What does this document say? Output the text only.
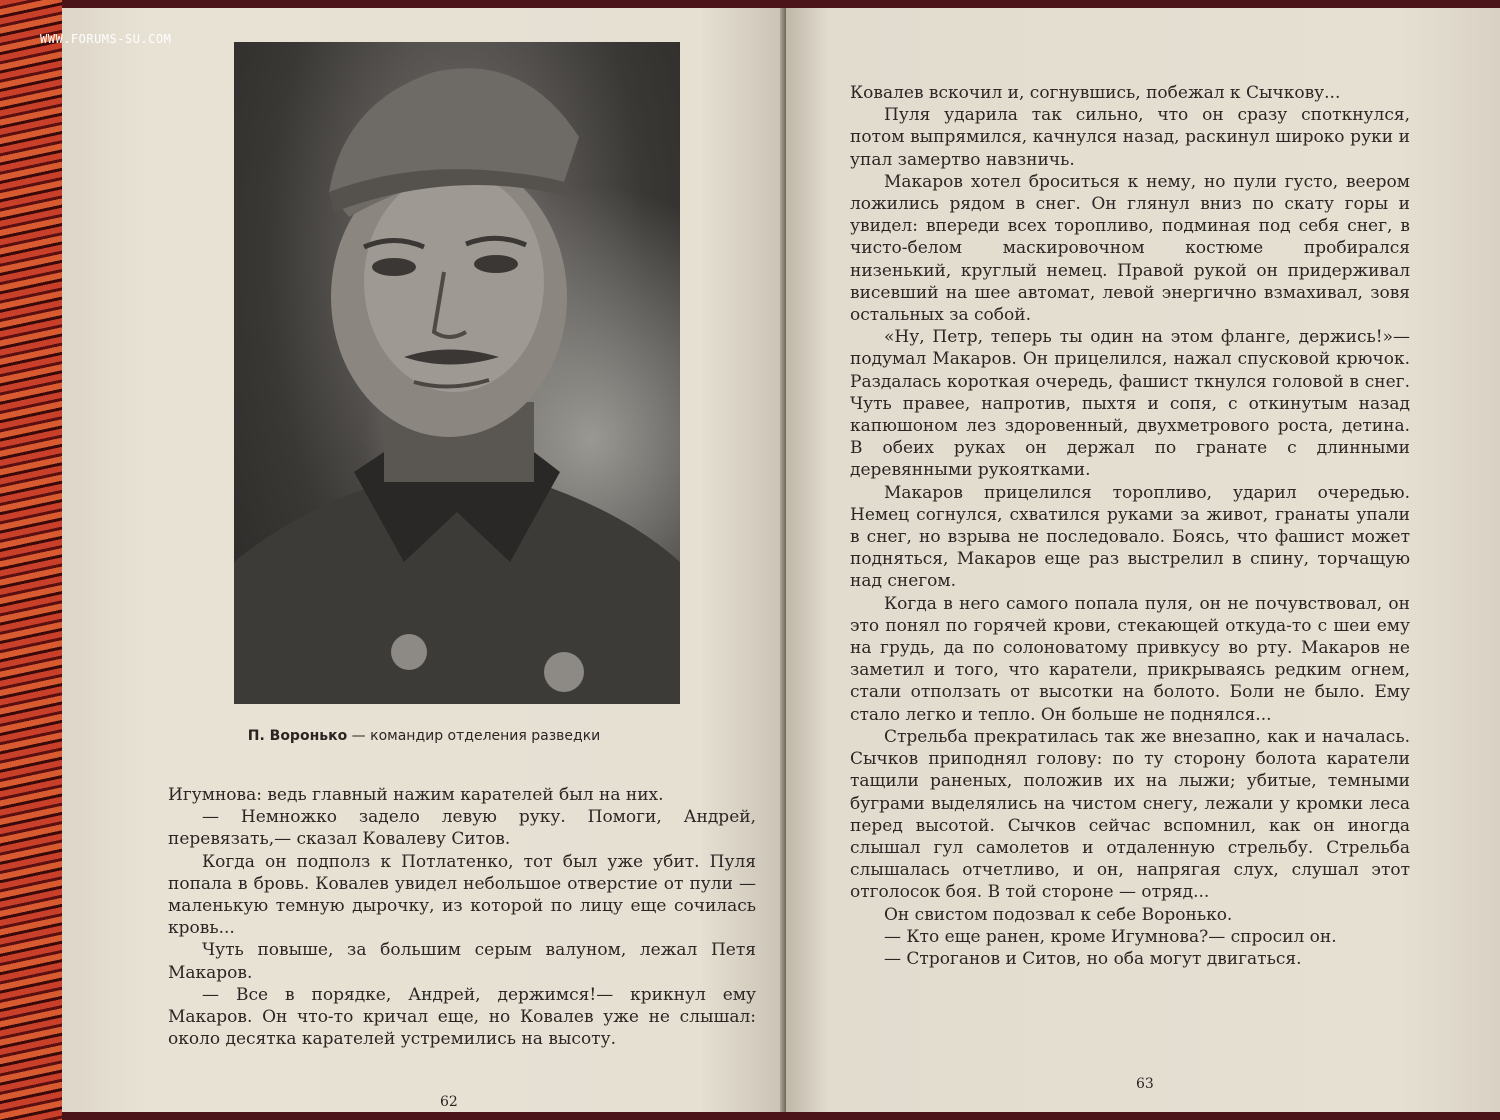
WWW.FORUMS-SU.COM
П. Воронько — командир отделения разведки

Игумнова: ведь главный нажим карателей был на них.

— Немножко задело левую руку. Помоги, Андрей, перевязать,— сказал Ковалеву Ситов.

Когда он подполз к Потлатенко, тот был уже убит. Пуля попала в бровь. Ковалев увидел небольшое отверстие от пули — маленькую темную дырочку, из которой по лицу еще сочилась кровь...

Чуть повыше, за большим серым валуном, лежал Петя Макаров.

— Все в порядке, Андрей, держимся!— крикнул ему Макаров. Он что-то кричал еще, но Ковалев уже не слышал: около десятка карателей устремились на высоту.

62

Ковалев вскочил и, согнувшись, побежал к Сычкову...

Пуля ударила так сильно, что он сразу споткнулся, потом выпрямился, качнулся назад, раскинул широко руки и упал замертво навзничь.

Макаров хотел броситься к нему, но пули густо, веером ложились рядом в снег. Он глянул вниз по скату горы и увидел: впереди всех торопливо, подминая под себя снег, в чисто-белом маскировочном костюме пробирался низенький, круглый немец. Правой рукой он придерживал висевший на шее автомат, левой энергично взмахивал, зовя остальных за собой.

«Ну, Петр, теперь ты один на этом фланге, держись!»— подумал Макаров. Он прицелился, нажал спусковой крючок. Раздалась короткая очередь, фашист ткнулся головой в снег. Чуть правее, напротив, пыхтя и сопя, с откинутым назад капюшоном лез здоровенный, двухметрового роста, детина. В обеих руках он держал по гранате с длинными деревянными рукоятками.

Макаров прицелился торопливо, ударил очередью. Немец согнулся, схватился руками за живот, гранаты упали в снег, но взрыва не последовало. Боясь, что фашист может подняться, Макаров еще раз выстрелил в спину, торчащую над снегом.

Когда в него самого попала пуля, он не почувствовал, он это понял по горячей крови, стекающей откуда-то с шеи ему на грудь, да по солоноватому привкусу во рту. Макаров не заметил и того, что каратели, прикрываясь редким огнем, стали отползать от высотки на болото. Боли не было. Ему стало легко и тепло. Он больше не поднялся...

Стрельба прекратилась так же внезапно, как и началась. Сычков приподнял голову: по ту сторону болота каратели тащили раненых, положив их на лыжи; убитые, темными буграми выделялись на чистом снегу, лежали у кромки леса перед высотой. Сычков сейчас вспомнил, как он иногда слышал гул самолетов и отдаленную стрельбу. Стрельба слышалась отчетливо, и он, напрягая слух, слушал этот отголосок боя. В той стороне — отряд...

Он свистом подозвал к себе Воронько.

— Кто еще ранен, кроме Игумнова?— спросил он.

— Строганов и Ситов, но оба могут двигаться.

63
